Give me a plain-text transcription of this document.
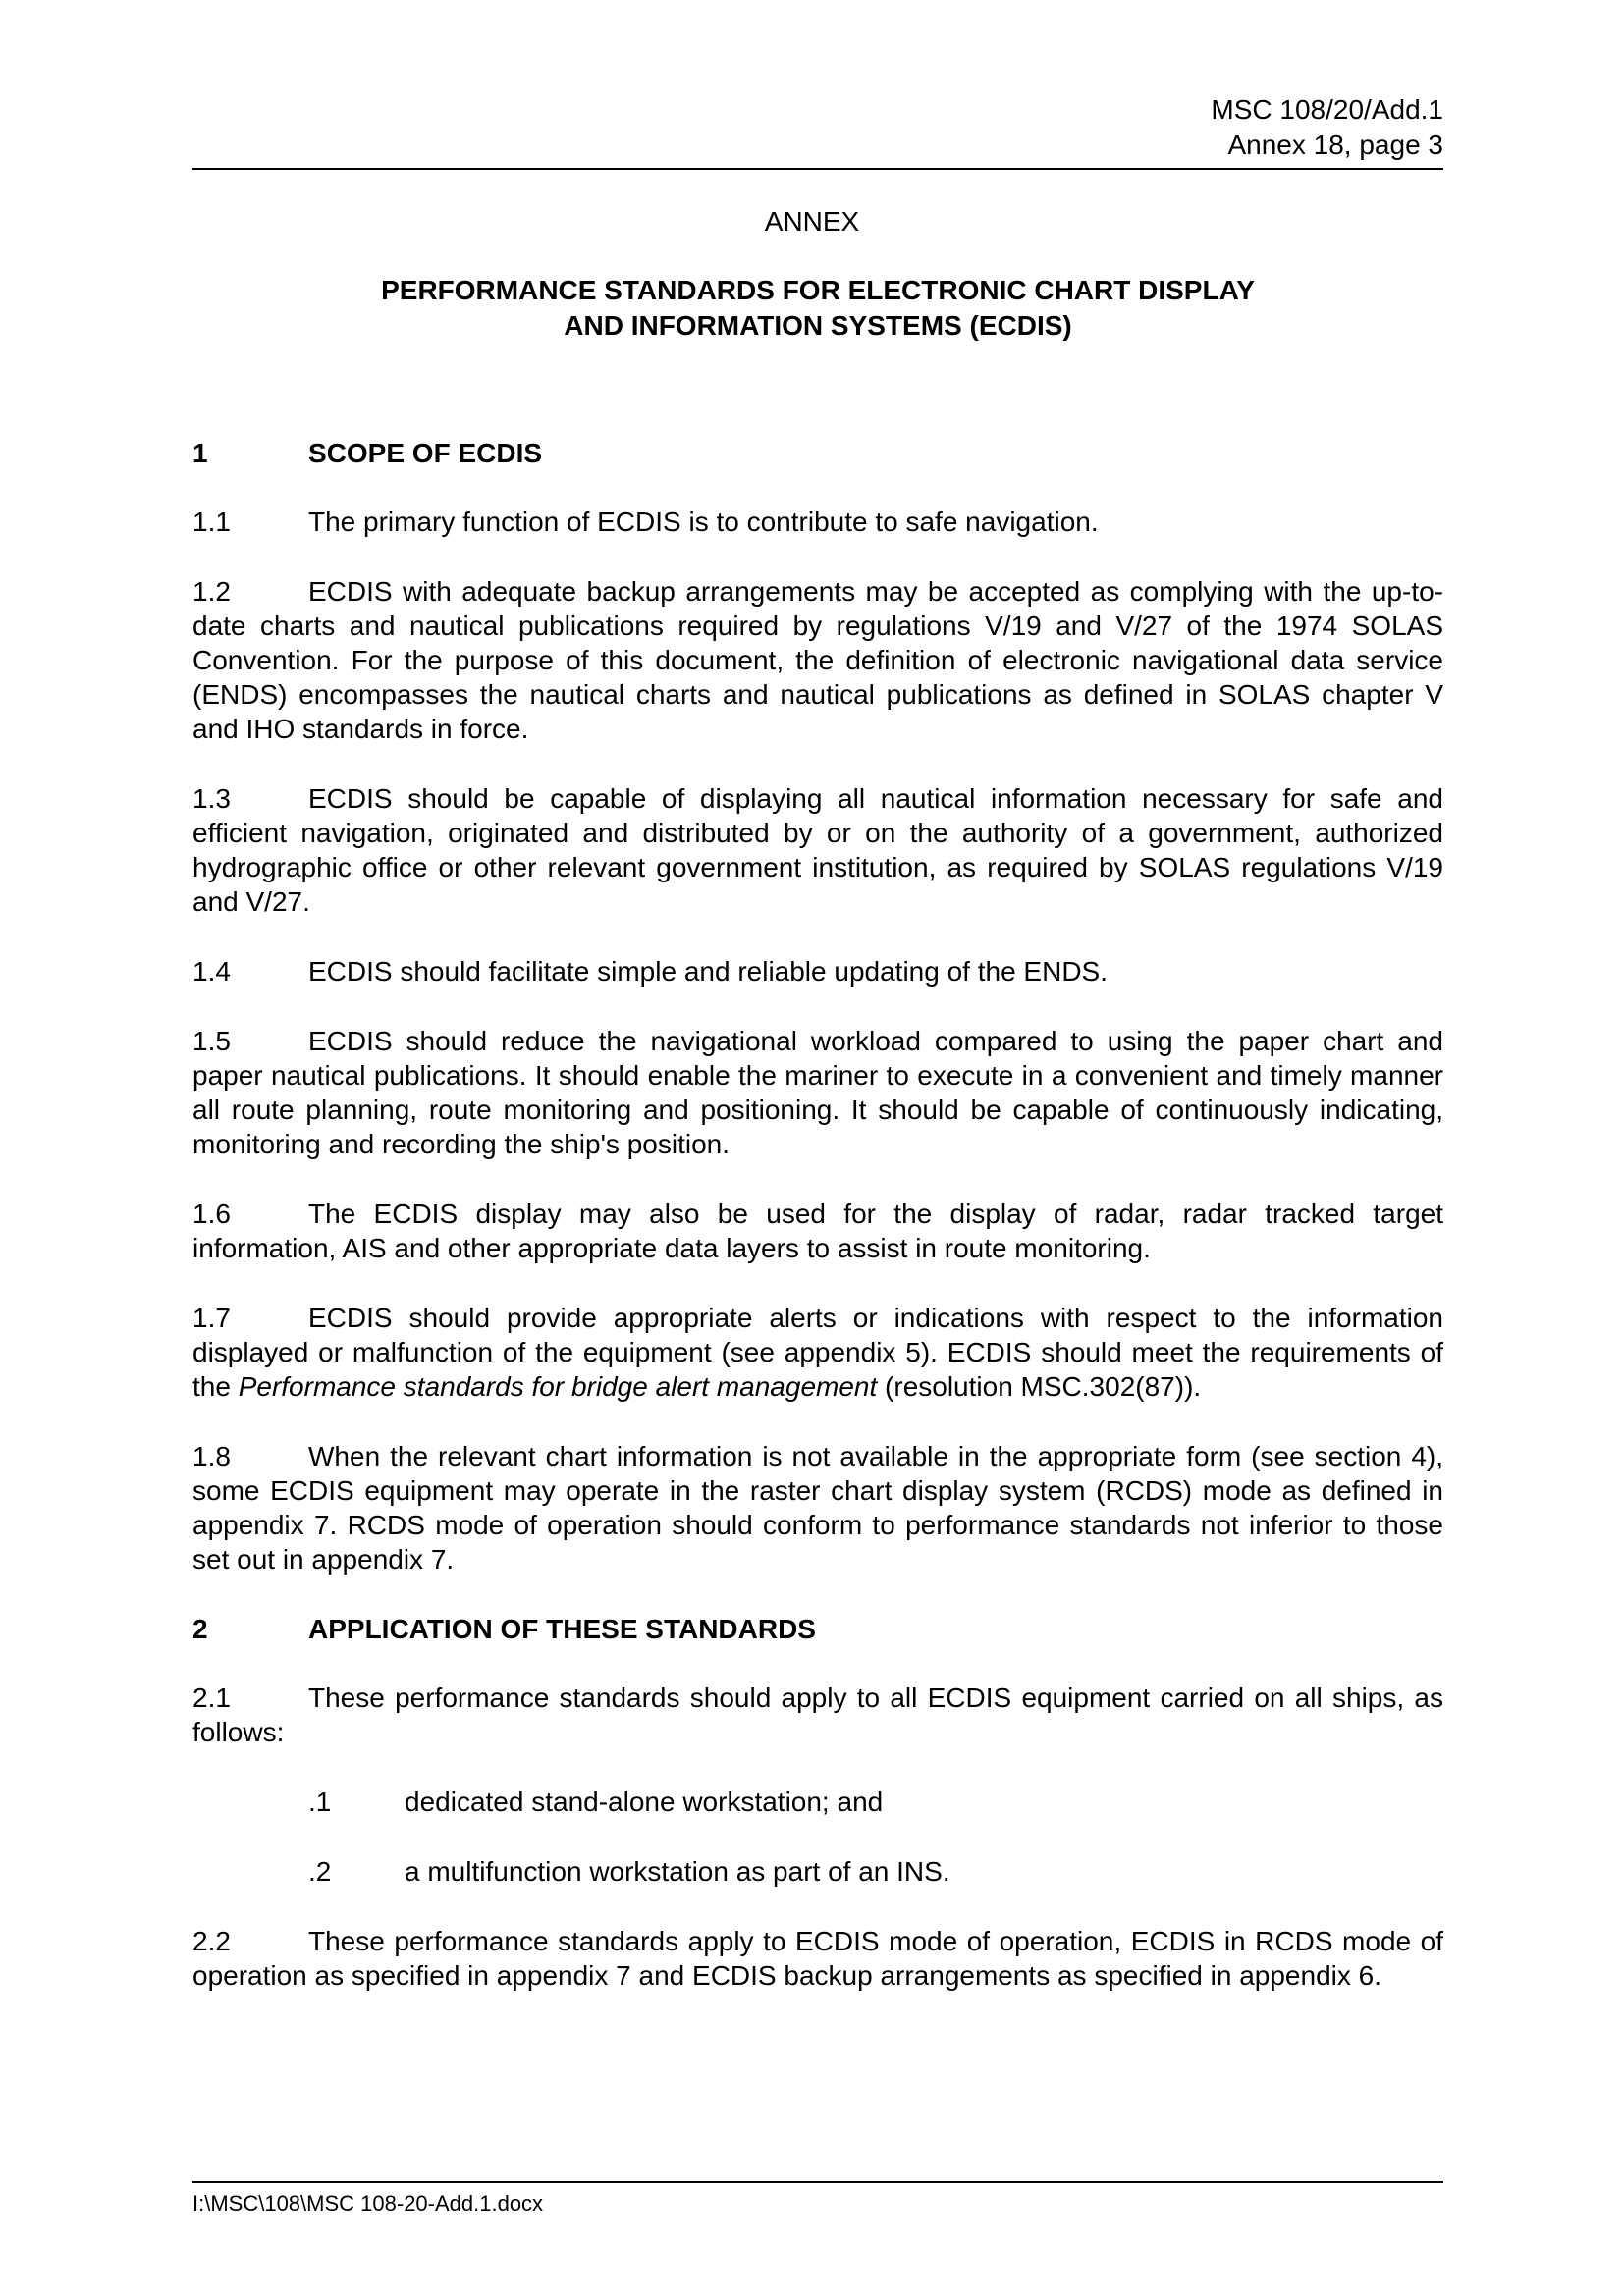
MSC 108/20/Add.1
Annex 18, page 3
ANNEX
PERFORMANCE STANDARDS FOR ELECTRONIC CHART DISPLAY
AND INFORMATION SYSTEMS (ECDIS)
1	SCOPE OF ECDIS

1.1	The primary function of ECDIS is to contribute to safe navigation.

1.2	ECDIS with adequate backup arrangements may be accepted as complying with the up-to-date charts and nautical publications required by regulations V/19 and V/27 of the 1974 SOLAS Convention. For the purpose of this document, the definition of electronic navigational data service (ENDS) encompasses the nautical charts and nautical publications as defined in SOLAS chapter V and IHO standards in force.

1.3	ECDIS should be capable of displaying all nautical information necessary for safe and efficient navigation, originated and distributed by or on the authority of a government, authorized hydrographic office or other relevant government institution, as required by SOLAS regulations V/19 and V/27.

1.4	ECDIS should facilitate simple and reliable updating of the ENDS.

1.5	ECDIS should reduce the navigational workload compared to using the paper chart and paper nautical publications. It should enable the mariner to execute in a convenient and timely manner all route planning, route monitoring and positioning. It should be capable of continuously indicating, monitoring and recording the ship's position.

1.6	The ECDIS display may also be used for the display of radar, radar tracked target information, AIS and other appropriate data layers to assist in route monitoring.

1.7	ECDIS should provide appropriate alerts or indications with respect to the information displayed or malfunction of the equipment (see appendix 5). ECDIS should meet the requirements of the Performance standards for bridge alert management (resolution MSC.302(87)).

1.8	When the relevant chart information is not available in the appropriate form (see section 4), some ECDIS equipment may operate in the raster chart display system (RCDS) mode as defined in appendix 7. RCDS mode of operation should conform to performance standards not inferior to those set out in appendix 7.

2	APPLICATION OF THESE STANDARDS

2.1	These performance standards should apply to all ECDIS equipment carried on all ships, as follows:

.1	dedicated stand-alone workstation; and
.2	a multifunction workstation as part of an INS.

2.2	These performance standards apply to ECDIS mode of operation, ECDIS in RCDS mode of operation as specified in appendix 7 and ECDIS backup arrangements as specified in appendix 6.

I:\MSC\108\MSC 108-20-Add.1.docx
